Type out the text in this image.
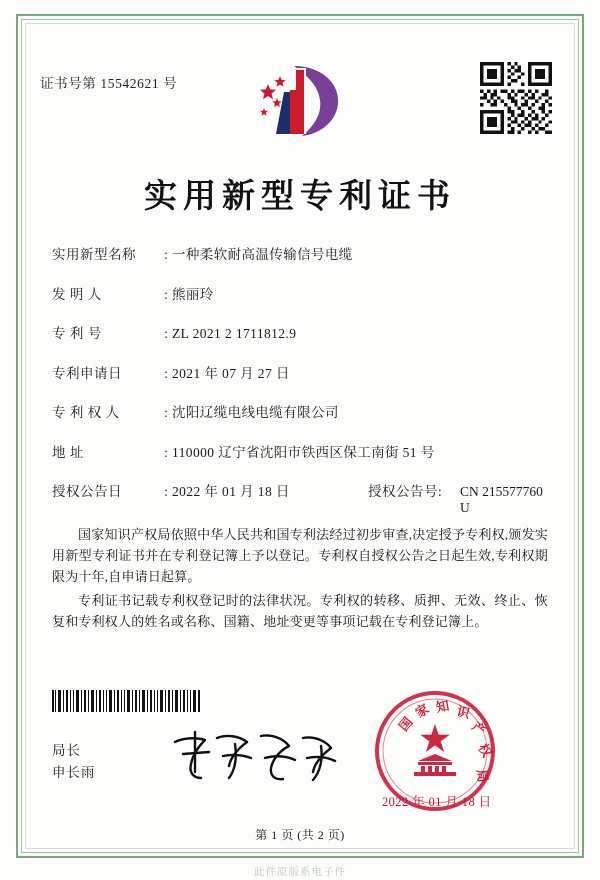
证书号第 15542621 号
实用新型专利证书
实用新型名称	: 一种柔软耐高温传输信号电缆
发 明 人	: 熊丽玲
专 利 号	: ZL 2021 2 1711812.9
专利申请日	: 2021 年 07 月 27 日
专 利 权 人	: 沈阳辽缆电线电缆有限公司
地 址	: 110000 辽宁省沈阳市铁西区保工南街 51 号
授权公告日	: 2022 年 01 月 18 日	授权公告号:	CN 215577760 U
国家知识产权局依照中华人民共和国专利法经过初步审查,决定授予专利权,颁发实用新型专利证书并在专利登记簿上予以登记。专利权自授权公告之日起生效,专利权期限为十年,自申请日起算。
专利证书记载专利权登记时的法律状况。专利权的转移、质押、无效、终止、恢复和专利权人的姓名或名称、国籍、地址变更等事项记载在专利登记簿上。
局长
申长雨
国
家 知 识
产
权
局
2022 年 01 月 18 日
第 1 页 (共 2 页)
此件原版系电子件
